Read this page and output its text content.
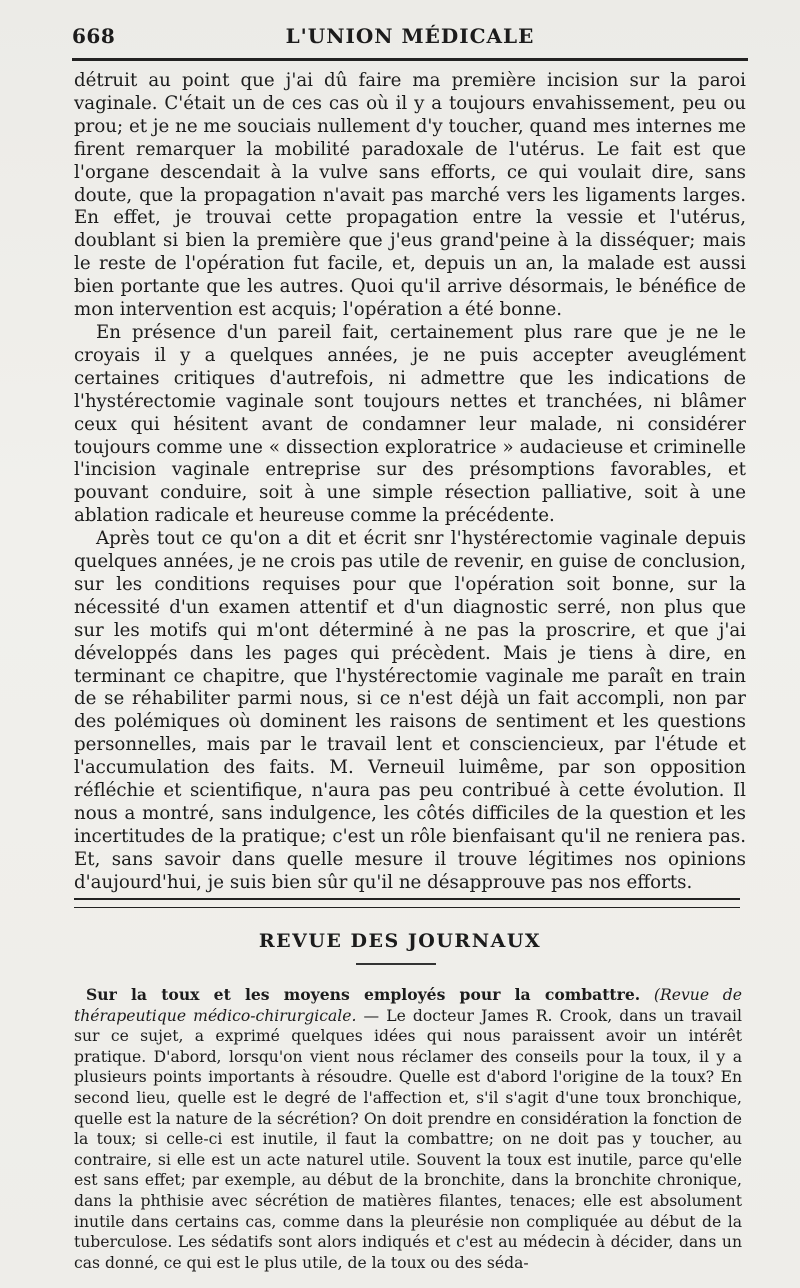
668	L'UNION MÉDICALE

détruit au point que j'ai dû faire ma première incision sur la paroi vaginale. C'était un de ces cas où il y a toujours envahissement, peu ou prou; et je ne me souciais nullement d'y toucher, quand mes internes me firent remarquer la mobilité paradoxale de l'utérus. Le fait est que l'organe descendait à la vulve sans efforts, ce qui voulait dire, sans doute, que la propagation n'avait pas marché vers les ligaments larges. En effet, je trouvai cette propagation entre la vessie et l'utérus, doublant si bien la première que j'eus grand'peine à la disséquer; mais le reste de l'opération fut facile, et, depuis un an, la malade est aussi bien portante que les autres. Quoi qu'il arrive désormais, le bénéfice de mon intervention est acquis; l'opération a été bonne.

En présence d'un pareil fait, certainement plus rare que je ne le croyais il y a quelques années, je ne puis accepter aveuglément certaines critiques d'autrefois, ni admettre que les indications de l'hystérectomie vaginale sont toujours nettes et tranchées, ni blâmer ceux qui hésitent avant de condamner leur malade, ni considérer toujours comme une « dissection exploratrice » audacieuse et criminelle l'incision vaginale entreprise sur des présomptions favorables, et pouvant conduire, soit à une simple résection palliative, soit à une ablation radicale et heureuse comme la précédente.

Après tout ce qu'on a dit et écrit snr l'hystérectomie vaginale depuis quelques années, je ne crois pas utile de revenir, en guise de conclusion, sur les conditions requises pour que l'opération soit bonne, sur la nécessité d'un examen attentif et d'un diagnostic serré, non plus que sur les motifs qui m'ont déterminé à ne pas la proscrire, et que j'ai développés dans les pages qui précèdent. Mais je tiens à dire, en terminant ce chapitre, que l'hystérectomie vaginale me paraît en train de se réhabiliter parmi nous, si ce n'est déjà un fait accompli, non par des polémiques où dominent les raisons de sentiment et les questions personnelles, mais par le travail lent et consciencieux, par l'étude et l'accumulation des faits. M. Verneuil luimême, par son opposition réfléchie et scientifique, n'aura pas peu contribué à cette évolution. Il nous a montré, sans indulgence, les côtés difficiles de la question et les incertitudes de la pratique; c'est un rôle bienfaisant qu'il ne reniera pas. Et, sans savoir dans quelle mesure il trouve légitimes nos opinions d'aujourd'hui, je suis bien sûr qu'il ne désapprouve pas nos efforts.

REVUE DES JOURNAUX

Sur la toux et les moyens employés pour la combattre. (Revue de thérapeutique médico-chirurgicale. — Le docteur James R. Crook, dans un travail sur ce sujet, a exprimé quelques idées qui nous paraissent avoir un intérêt pratique. D'abord, lorsqu'on vient nous réclamer des conseils pour la toux, il y a plusieurs points importants à résoudre. Quelle est d'abord l'origine de la toux? En second lieu, quelle est le degré de l'affection et, s'il s'agit d'une toux bronchique, quelle est la nature de la sécrétion? On doit prendre en considération la fonction de la toux; si celle-ci est inutile, il faut la combattre; on ne doit pas y toucher, au contraire, si elle est un acte naturel utile. Souvent la toux est inutile, parce qu'elle est sans effet; par exemple, au début de la bronchite, dans la bronchite chronique, dans la phthisie avec sécrétion de matières filantes, tenaces; elle est absolument inutile dans certains cas, comme dans la pleurésie non compliquée au début de la tuberculose. Les sédatifs sont alors indiqués et c'est au médecin à décider, dans un cas donné, ce qui est le plus utile, de la toux ou des séda-
